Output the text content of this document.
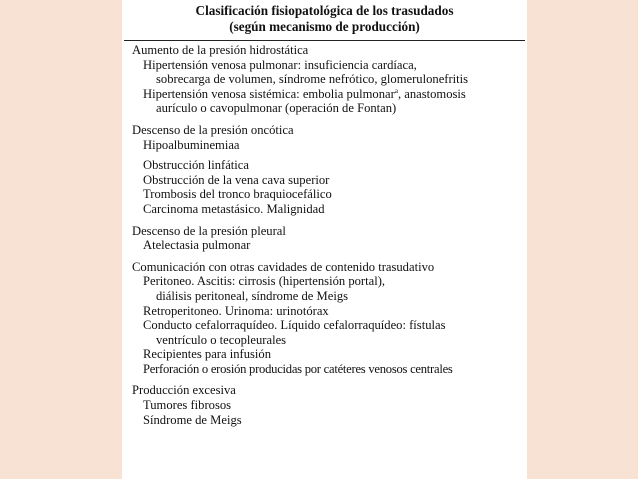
Clasificación fisiopatológica de los trasudados
(según mecanismo de producción)
Aumento de la presión hidrostática
Hipertensión venosa pulmonar: insuficiencia cardíaca,
sobrecarga de volumen, síndrome nefrótico, glomerulonefritis
Hipertensión venosa sistémica: embolia pulmonar$^a$, anastomosis
aurículo o cavopulmonar (operación de Fontan)
Descenso de la presión oncótica
Hipoalbuminemiaa
Obstrucción linfática
Obstrucción de la vena cava superior
Trombosis del tronco braquiocefálico
Carcinoma metastásico. Malignidad
Descenso de la presión pleural
Atelectasia pulmonar
Comunicación con otras cavidades de contenido trasudativo
Peritoneo. Ascitis: cirrosis (hipertensión portal),
diálisis peritoneal, síndrome de Meigs
Retroperitoneo. Urinoma: urinotórax
Conducto cefalorraquídeo. Líquido cefalorraquídeo: fístulas
ventrículo o tecopleurales
Recipientes para infusión
Perforación o erosión producidas por catéteres venosos centrales
Producción excesiva
Tumores fibrosos
Síndrome de Meigs
